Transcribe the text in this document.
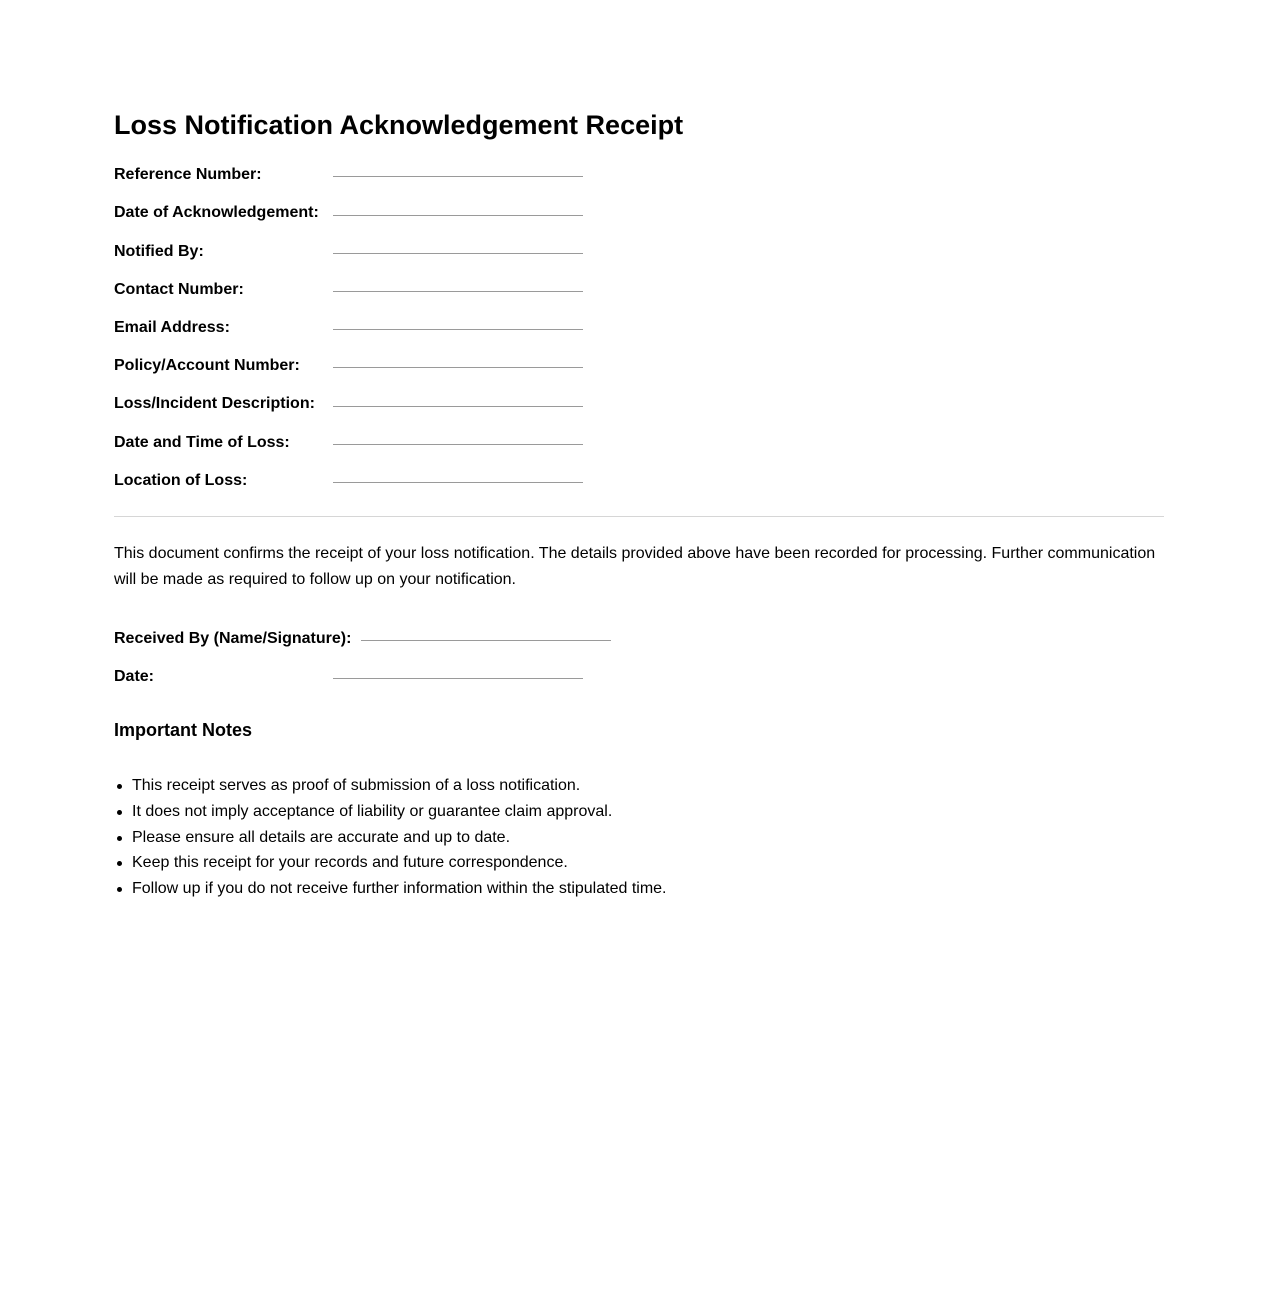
Loss Notification Acknowledgement Receipt
Reference Number:
Date of Acknowledgement:
Notified By:
Contact Number:
Email Address:
Policy/Account Number:
Loss/Incident Description:
Date and Time of Loss:
Location of Loss:

This document confirms the receipt of your loss notification. The details provided above have been recorded for processing. Further communication will be made as required to follow up on your notification.

Received By (Name/Signature):
Date:
Important Notes
This receipt serves as proof of submission of a loss notification.
It does not imply acceptance of liability or guarantee claim approval.
Please ensure all details are accurate and up to date.
Keep this receipt for your records and future correspondence.
Follow up if you do not receive further information within the stipulated time.
